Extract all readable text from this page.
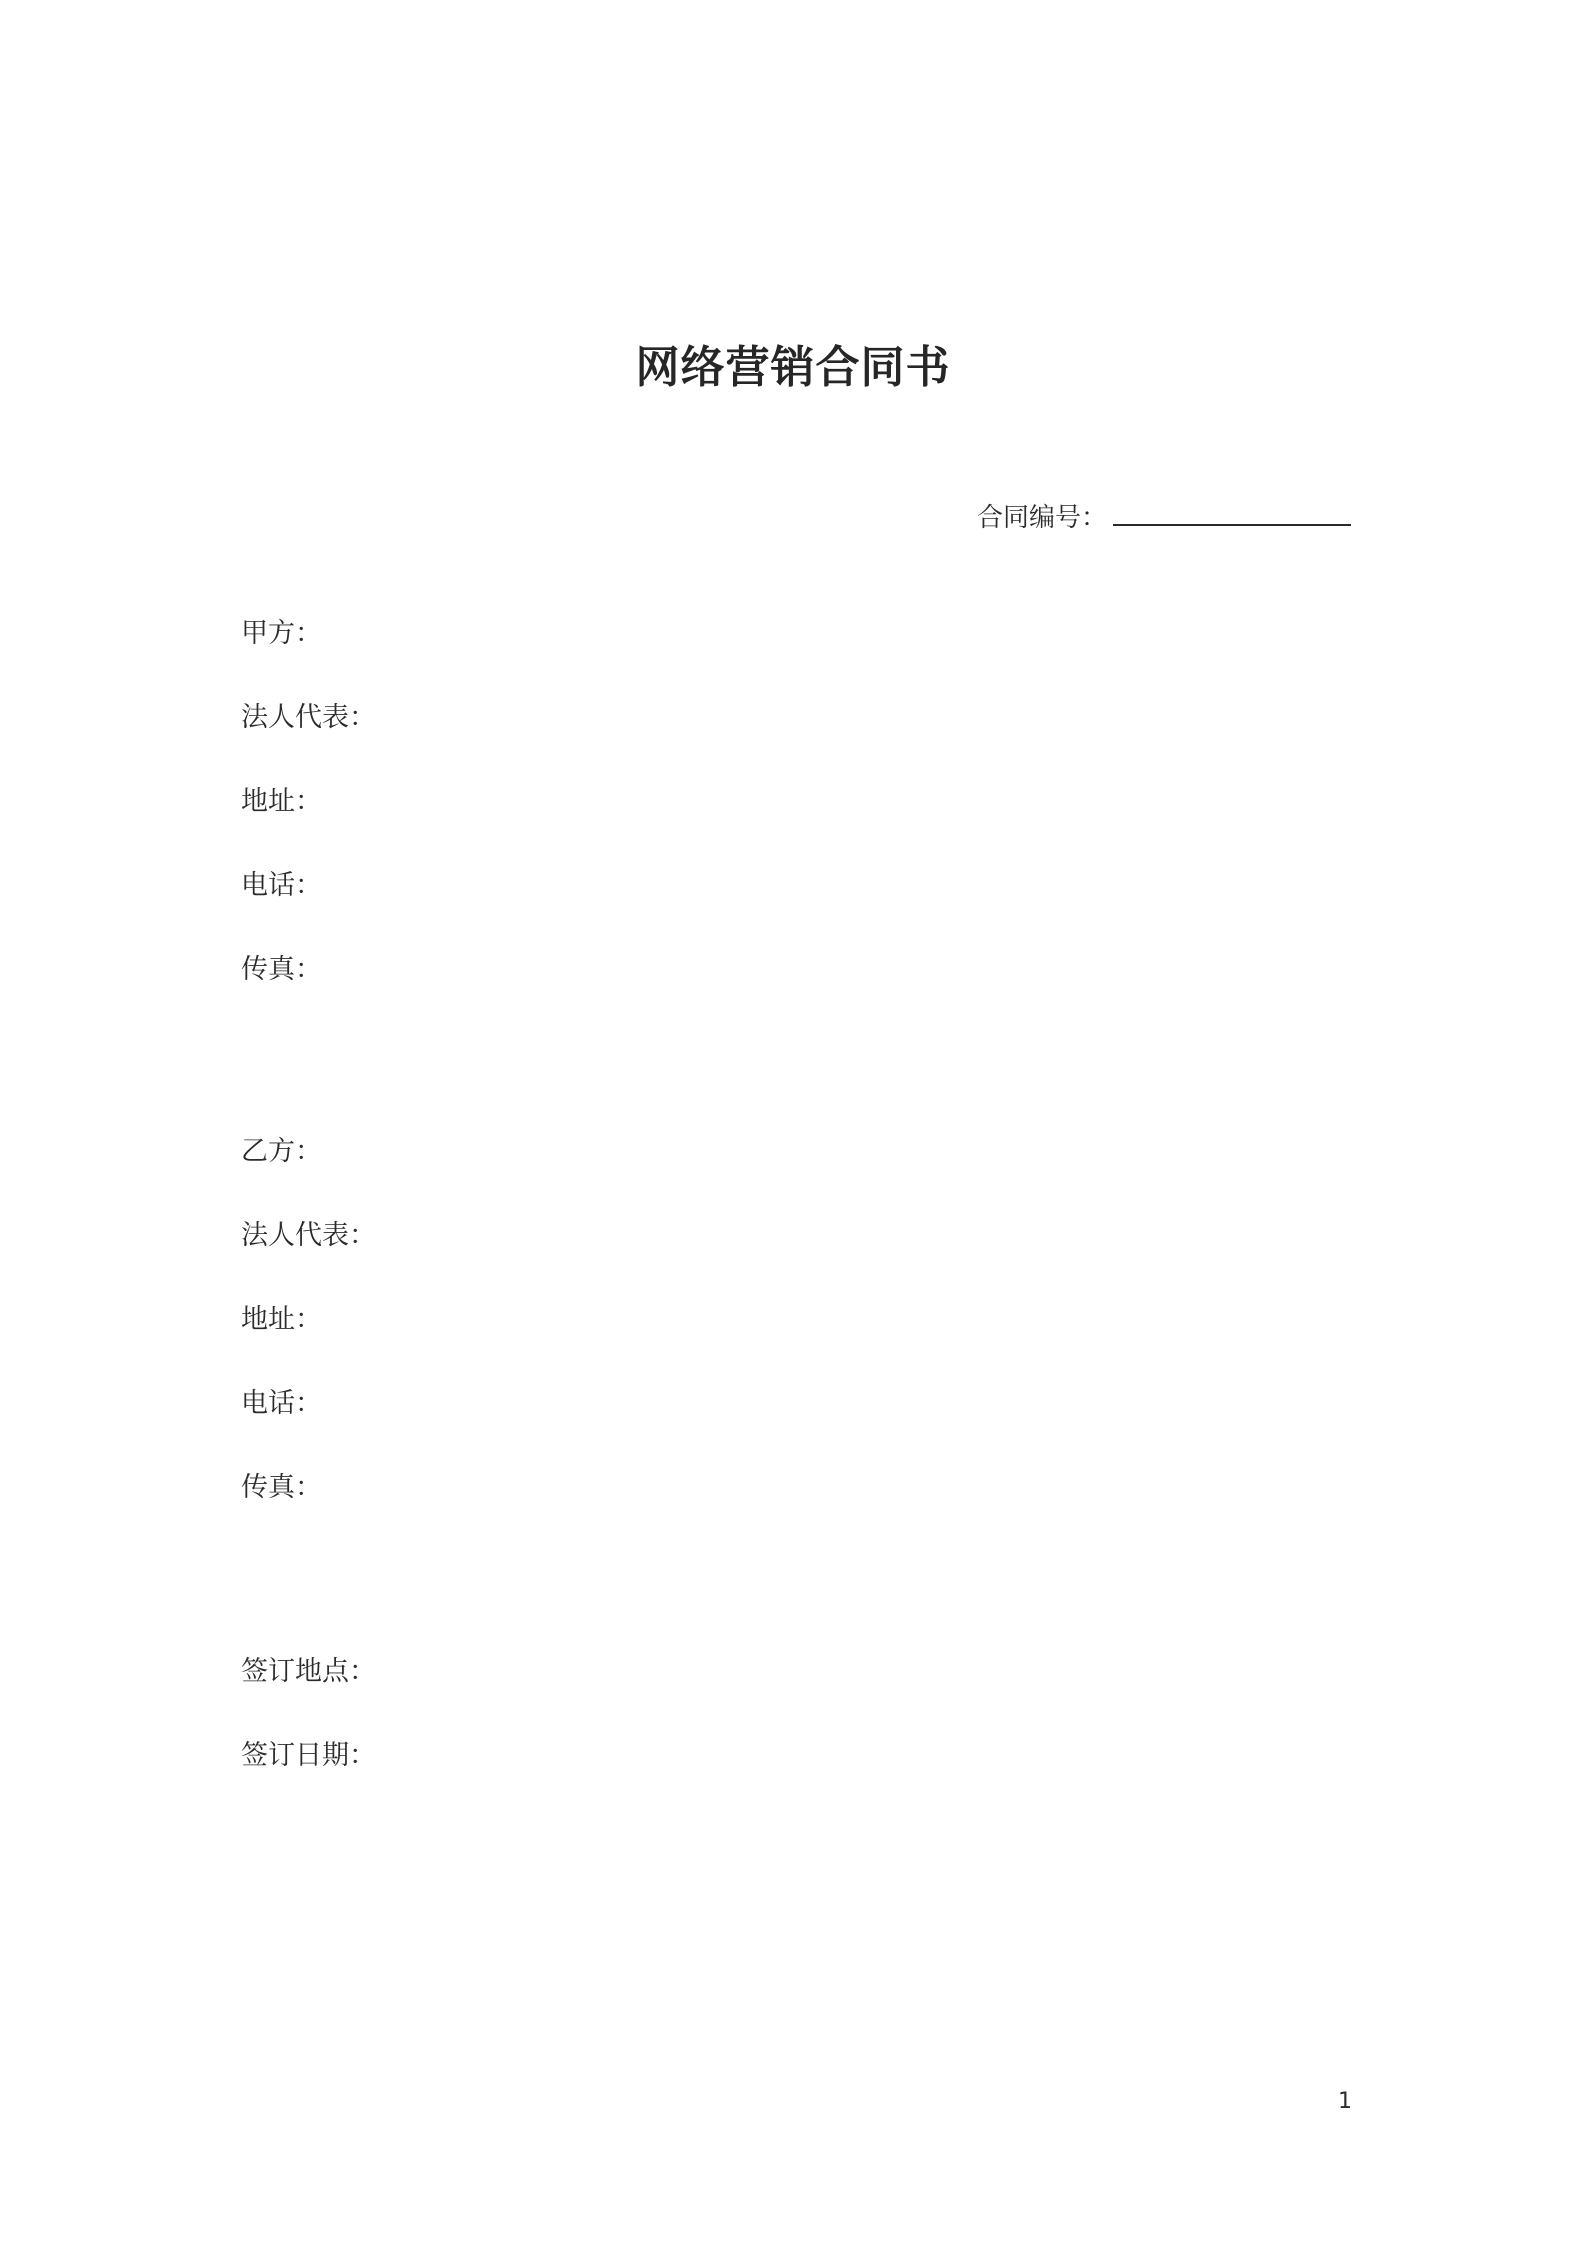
网络营销合同书
合同编号：
甲方：
法人代表：
地址：
电话：
传真：
乙方：
法人代表：
地址：
电话：
传真：
签订地点：
签订日期：
1
